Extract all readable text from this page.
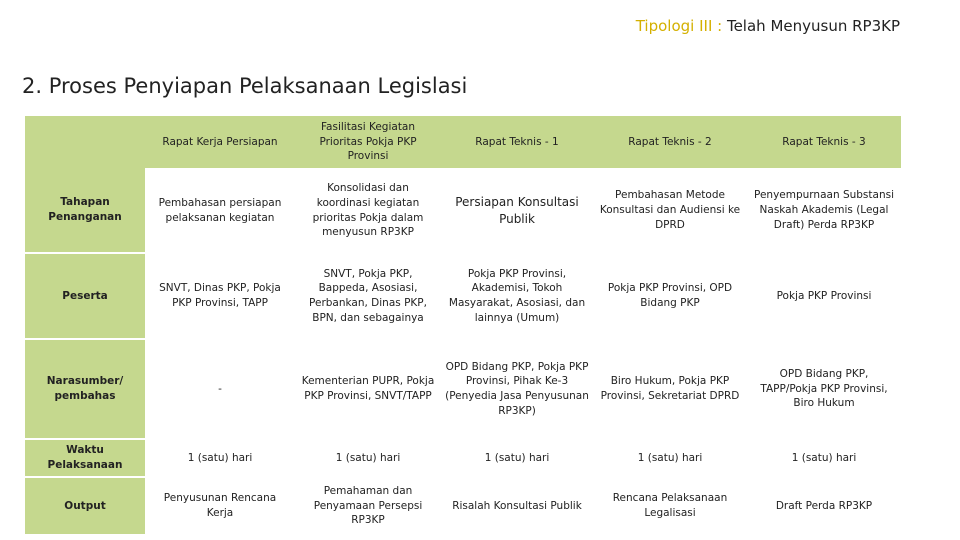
Tipologi III : Telah Menyusun RP3KP
2. Proses Penyiapan Pelaksanaan Legislasi
	Rapat Kerja Persiapan	Fasilitasi Kegiatan Prioritas Pokja PKP Provinsi	Rapat Teknis - 1	Rapat Teknis - 2	Rapat Teknis - 3
Tahapan Penanganan	Pembahasan persiapan pelaksanan kegiatan	Konsolidasi dan koordinasi kegiatan prioritas Pokja dalam menyusun RP3KP	Persiapan Konsultasi Publik	Pembahasan Metode Konsultasi dan Audiensi ke DPRD	Penyempurnaan Substansi Naskah Akademis (Legal Draft) Perda RP3KP
Peserta	SNVT, Dinas PKP, Pokja PKP Provinsi, TAPP	SNVT, Pokja PKP, Bappeda, Asosiasi, Perbankan, Dinas PKP, BPN, dan sebagainya	Pokja PKP Provinsi, Akademisi, Tokoh Masyarakat, Asosiasi, dan lainnya (Umum)	Pokja PKP Provinsi, OPD Bidang PKP	Pokja PKP Provinsi
Narasumber/ pembahas	-	Kementerian PUPR, Pokja PKP Provinsi, SNVT/TAPP	OPD Bidang PKP, Pokja PKP Provinsi, Pihak Ke-3 (Penyedia Jasa Penyusunan RP3KP)	Biro Hukum, Pokja PKP Provinsi, Sekretariat DPRD	OPD Bidang PKP, TAPP/Pokja PKP Provinsi, Biro Hukum
Waktu Pelaksanaan	1 (satu) hari	1 (satu) hari	1 (satu) hari	1 (satu) hari	1 (satu) hari
Output	Penyusunan Rencana Kerja	Pemahaman dan Penyamaan Persepsi RP3KP	Risalah Konsultasi Publik	Rencana Pelaksanaan Legalisasi	Draft Perda RP3KP
